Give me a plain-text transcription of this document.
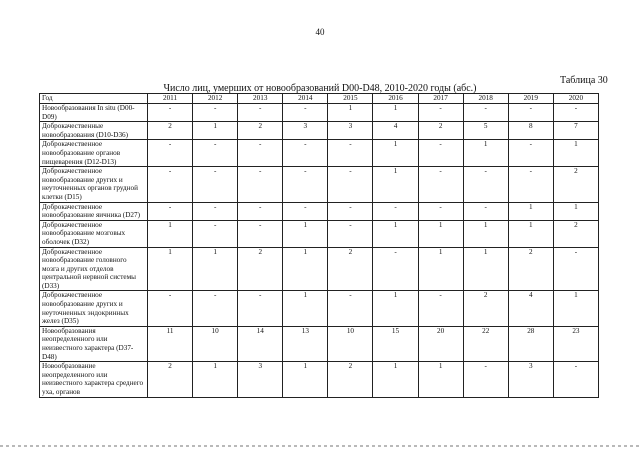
40
Таблица 30
Число лиц, умерших от новообразований D00-D48, 2010-2020 годы (абс.)
Год	2011	2012	2013	2014	2015	2016	2017	2018	2019	2020
Новообразования In situ (D00-D09)	-	-	-	-	1	1	-	-	-	-
Доброкачественные новообразования (D10-D36)	2	1	2	3	3	4	2	5	8	7
Доброкачественное новообразование органов пищеварения (D12-D13)	-	-	-	-	-	1	-	1	-	1
Доброкачественное новообразование других и неуточненных органов грудной клетки (D15)	-	-	-	-	-	1	-	-	-	2
Доброкачественное новообразование яичника (D27)	-	-	-	-	-	-	-	-	1	1
Доброкачественное новообразование мозговых оболочек (D32)	1	-	-	1	-	1	1	1	1	2
Доброкачественное новообразование головного мозга и других отделов центральной нервной системы (D33)	1	1	2	1	2	-	1	1	2	-
Доброкачественное новообразование других и неуточненных эндокринных желез (D35)	-	-	-	1	-	1	-	2	4	1
Новообразования неопределенного или неизвестного характера (D37-D48)	11	10	14	13	10	15	20	22	28	23
Новообразование неопределенного или неизвестного характера среднего уха, органов	2	1	3	1	2	1	1	-	3	-
